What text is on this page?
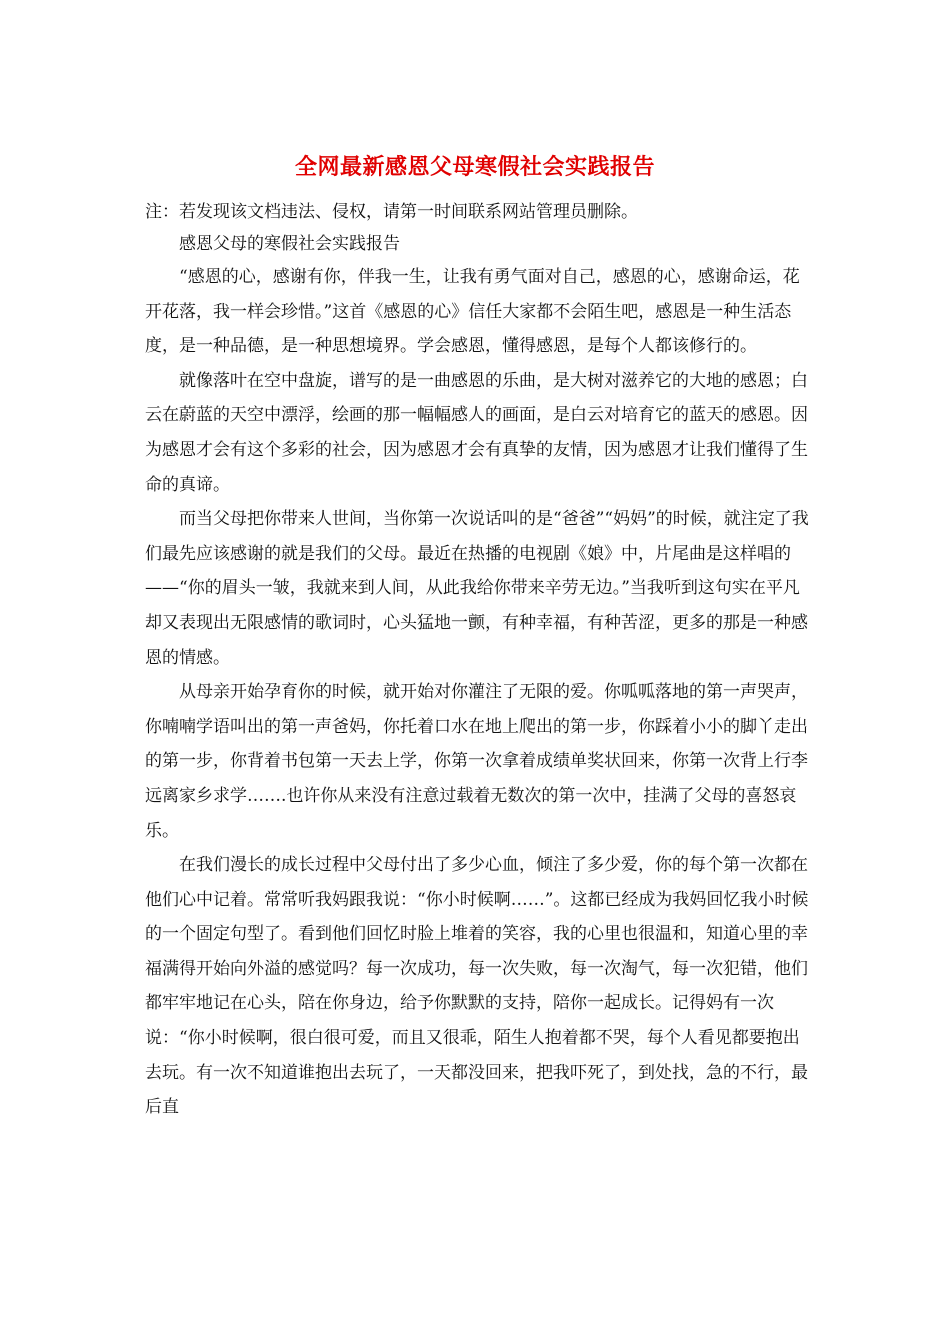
全网最新感恩父母寒假社会实践报告
注：若发现该文档违法、侵权，请第一时间联系网站管理员删除。

感恩父母的寒假社会实践报告

“感恩的心，感谢有你，伴我一生，让我有勇气面对自己，感恩的心，感谢命运，花开花落，我一样会珍惜。”这首《感恩的心》信任大家都不会陌生吧，感恩是一种生活态度，是一种品德，是一种思想境界。学会感恩，懂得感恩，是每个人都该修行的。

就像落叶在空中盘旋，谱写的是一曲感恩的乐曲，是大树对滋养它的大地的感恩；白云在蔚蓝的天空中漂浮，绘画的那一幅幅感人的画面，是白云对培育它的蓝天的感恩。因为感恩才会有这个多彩的社会，因为感恩才会有真挚的友情，因为感恩才让我们懂得了生命的真谛。

而当父母把你带来人世间，当你第一次说话叫的是“爸爸”“妈妈”的时候，就注定了我们最先应该感谢的就是我们的父母。最近在热播的电视剧《娘》中，片尾曲是这样唱的——“你的眉头一皱，我就来到人间，从此我给你带来辛劳无边。”当我听到这句实在平凡却又表现出无限感情的歌词时，心头猛地一颤，有种幸福，有种苦涩，更多的那是一种感恩的情感。

从母亲开始孕育你的时候，就开始对你灌注了无限的爱。你呱呱落地的第一声哭声，你喃喃学语叫出的第一声爸妈，你托着口水在地上爬出的第一步，你踩着小小的脚丫走出的第一步，你背着书包第一天去上学，你第一次拿着成绩单奖状回来，你第一次背上行李远离家乡求学…….也许你从来没有注意过载着无数次的第一次中，挂满了父母的喜怒哀乐。

在我们漫长的成长过程中父母付出了多少心血，倾注了多少爱，你的每个第一次都在他们心中记着。常常听我妈跟我说：“你小时候啊……”。这都已经成为我妈回忆我小时候的一个固定句型了。看到他们回忆时脸上堆着的笑容，我的心里也很温和，知道心里的幸福满得开始向外溢的感觉吗？每一次成功，每一次失败，每一次淘气，每一次犯错，他们都牢牢地记在心头，陪在你身边，给予你默默的支持，陪你一起成长。记得妈有一次说：“你小时候啊，很白很可爱，而且又很乖，陌生人抱着都不哭，每个人看见都要抱出去玩。有一次不知道谁抱出去玩了，一天都没回来，把我吓死了，到处找，急的不行，最后直
